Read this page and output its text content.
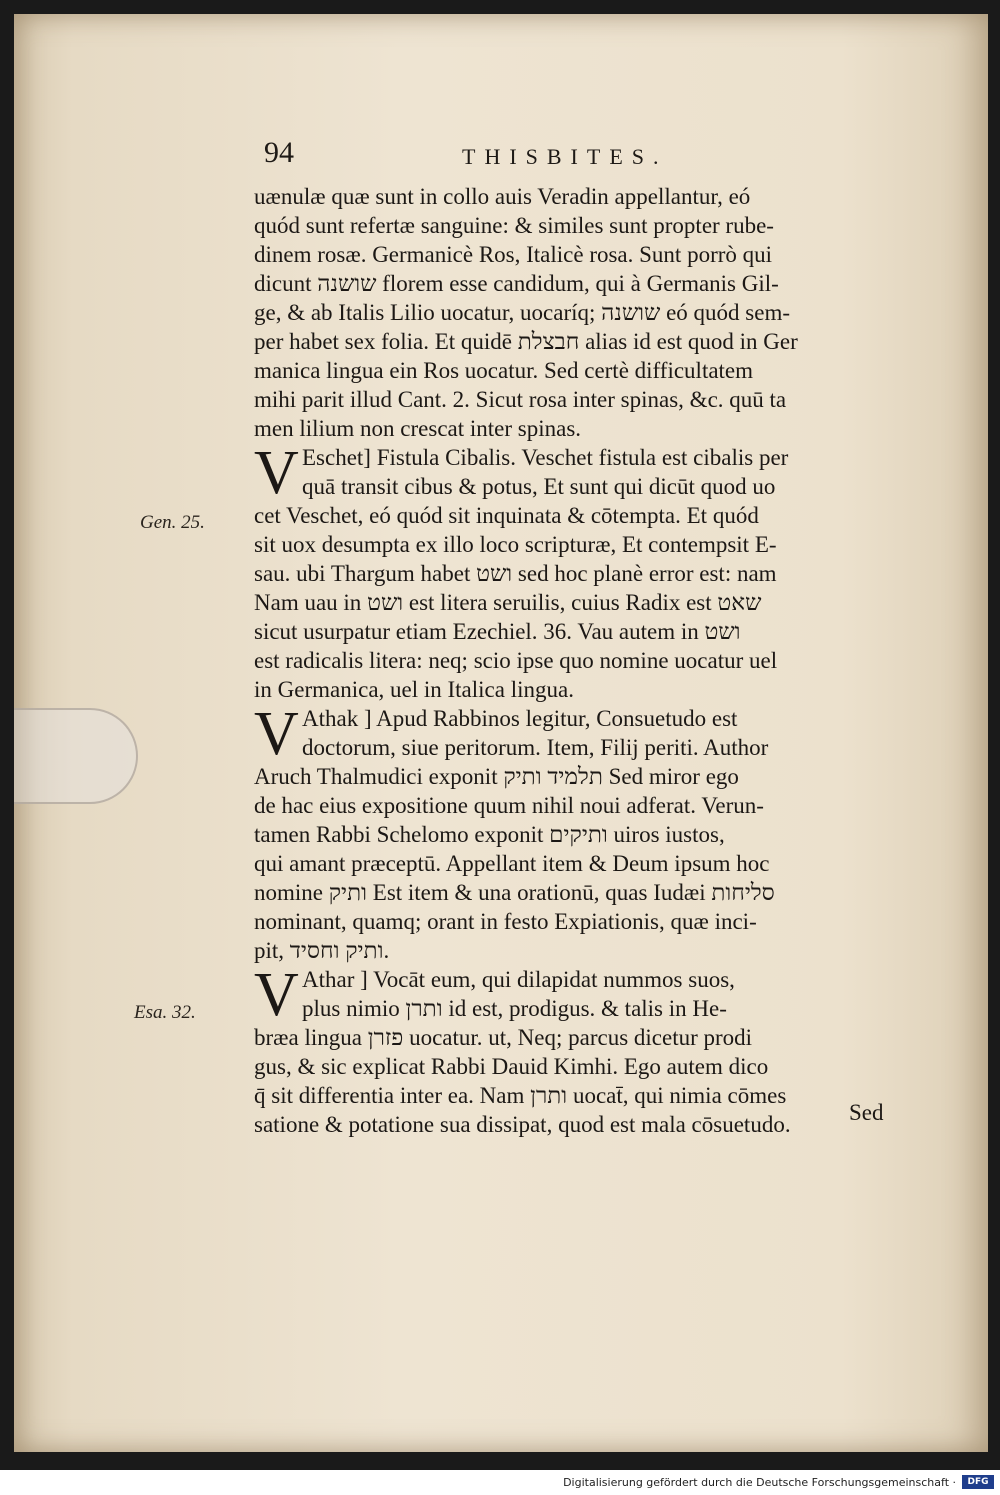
94	THISBITES.
Gen. 25.
Esa. 32.
uænulæ quæ sunt in collo auis Veradin appellantur, eó
quód sunt refertæ sanguine: & similes sunt propter rube-
dinem rosæ. Germanicè Ros, Italicè rosa. Sunt porrò qui
dicunt שושנה florem esse candidum, qui à Germanis Gil-
ge, & ab Italis Lilio uocatur, uocaríq; שושנה eó quód sem-
per habet sex folia. Et quidē חבצלת alias id est quod in Ger
manica lingua ein Ros uocatur. Sed certè difficultatem
mihi parit illud Cant. 2. Sicut rosa inter spinas, &c. quū ta
men lilium non crescat inter spinas.
V Eschet] Fistula Cibalis. Veschet fistula est cibalis per
quā transit cibus & potus, Et sunt qui dicūt quod uo
cet Veschet, eó quód sit inquinata & cōtempta. Et quód
sit uox desumpta ex illo loco scripturæ, Et contempsit E-
sau. ubi Thargum habet ושט sed hoc planè error est: nam
Nam uau in ושט est litera seruilis, cuius Radix est שאט
sicut usurpatur etiam Ezechiel. 36. Vau autem in ושט
est radicalis litera: neq; scio ipse quo nomine uocatur uel
in Germanica, uel in Italica lingua.
V Athak ] Apud Rabbinos legitur, Consuetudo est
doctorum, siue peritorum. Item, Filij periti. Author
Aruch Thalmudici exponit תלמיד ותיק Sed miror ego
de hac eius expositione quum nihil noui adferat. Verun-
tamen Rabbi Schelomo exponit ותיקים uiros iustos,
qui amant præceptū. Appellant item & Deum ipsum hoc
nomine ותיק Est item & una orationū, quas Iudæi סליחות
nominant, quamq; orant in festo Expiationis, quæ inci-
pit, ותיק וחסיד.
V Athar ] Vocāt eum, qui dilapidat nummos suos,
plus nimio ותרן id est, prodigus. & talis in He-
bræa lingua פזרן uocatur. ut, Neq; parcus dicetur prodi
gus, & sic explicat Rabbi Dauid Kimhi. Ego autem dico
q̄ sit differentia inter ea. Nam ותרן uocat̄, qui nimia cōmes
satione & potatione sua dissipat, quod est mala cōsuetudo.	Sed
Digitalisierung gefördert durch die Deutsche Forschungsgemeinschaft ·	DFG
